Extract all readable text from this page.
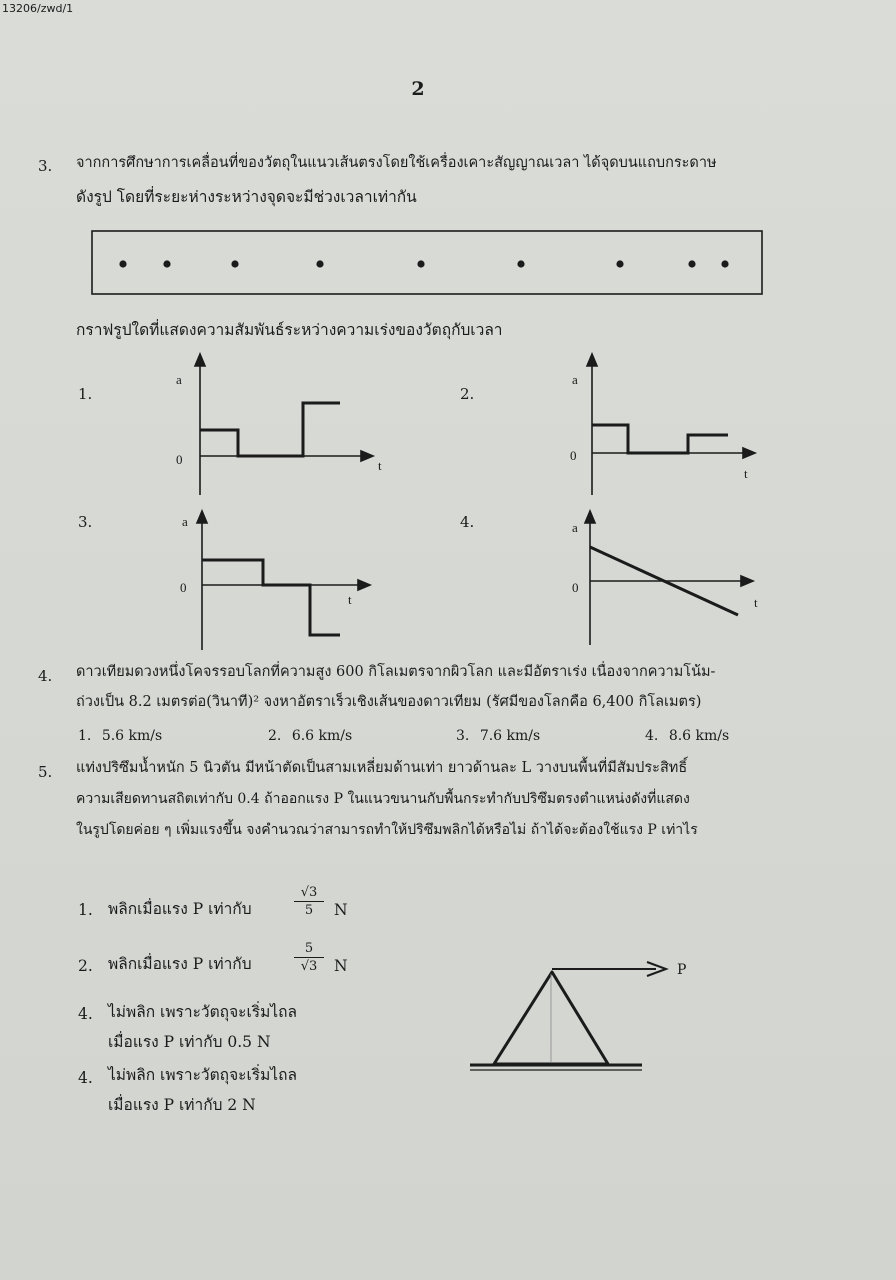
13206/zwd/1
2
3. จากการศึกษาการเคลื่อนที่ของวัตถุในแนวเส้นตรงโดยใช้เครื่องเคาะสัญญาณเวลา ได้จุดบนแถบกระดาษ
ดังรูป โดยที่ระยะห่างระหว่างจุดจะมีช่วงเวลาเท่ากัน
กราฟรูปใดที่แสดงความสัมพันธ์ระหว่างความเร่งของวัตถุกับเวลา
1.
a
0	t
2.
a
0
t
3.	a
0
t
4.	a
0
t
4. ดาวเทียมดวงหนึ่งโคจรรอบโลกที่ความสูง 600 กิโลเมตรจากผิวโลก และมีอัตราเร่ง เนื่องจากความโน้ม-
ถ่วงเป็น 8.2 เมตรต่อ(วินาที)² จงหาอัตราเร็วเชิงเส้นของดาวเทียม (รัศมีของโลกคือ 6,400 กิโลเมตร)
1. 5.6 km/s	2. 6.6 km/s	3. 7.6 km/s	4. 8.6 km/s
5. แท่งปริซึมน้ำหนัก 5 นิวตัน มีหน้าตัดเป็นสามเหลี่ยมด้านเท่า ยาวด้านละ L วางบนพื้นที่มีสัมประสิทธิ์
ความเสียดทานสถิตเท่ากับ 0.4 ถ้าออกแรง P ในแนวขนานกับพื้นกระทำกับปริซึมตรงตำแหน่งดังที่แสดง
ในรูปโดยค่อย ๆ เพิ่มแรงขึ้น จงคำนวณว่าสามารถทำให้ปริซึมพลิกได้หรือไม่ ถ้าได้จะต้องใช้แรง P เท่าไร
1. พลิกเมื่อแรง P เท่ากับ	$\frac{√3}{5}$ N
2. พลิกเมื่อแรง P เท่ากับ	$\frac{5}{√3}$ N
4. ไม่พลิก เพราะวัตถุจะเริ่มไถล
เมื่อแรง P เท่ากับ 0.5 N
4. ไม่พลิก เพราะวัตถุจะเริ่มไถล
เมื่อแรง P เท่ากับ 2 N
P
